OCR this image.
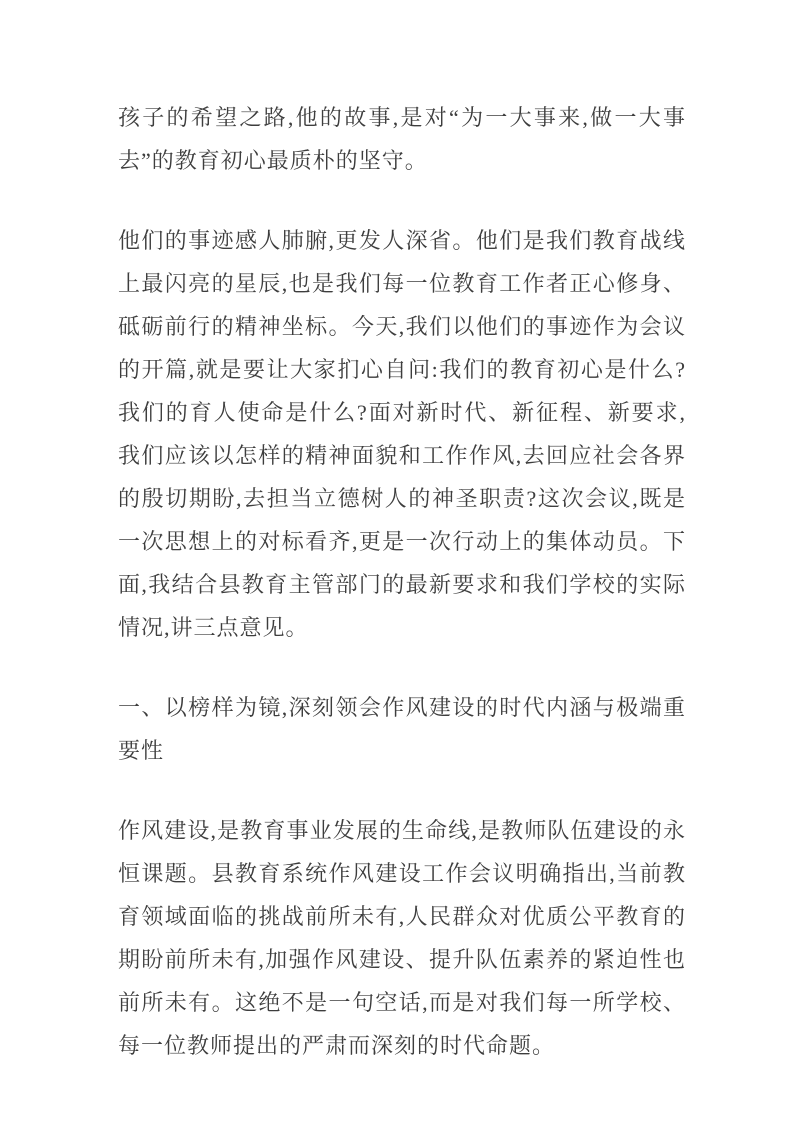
孩子的希望之路,他的故事,是对“为一大事来,做一大事去”的教育初心最质朴的坚守。

他们的事迹感人肺腑,更发人深省。他们是我们教育战线上最闪亮的星辰,也是我们每一位教育工作者正心修身、砥砺前行的精神坐标。今天,我们以他们的事迹作为会议的开篇,就是要让大家扪心自问:我们的教育初心是什么?我们的育人使命是什么?面对新时代、新征程、新要求,我们应该以怎样的精神面貌和工作作风,去回应社会各界的殷切期盼,去担当立德树人的神圣职责?这次会议,既是一次思想上的对标看齐,更是一次行动上的集体动员。下面,我结合县教育主管部门的最新要求和我们学校的实际情况,讲三点意见。

一、以榜样为镜,深刻领会作风建设的时代内涵与极端重要性

作风建设,是教育事业发展的生命线,是教师队伍建设的永恒课题。县教育系统作风建设工作会议明确指出,当前教育领域面临的挑战前所未有,人民群众对优质公平教育的期盼前所未有,加强作风建设、提升队伍素养的紧迫性也前所未有。这绝不是一句空话,而是对我们每一所学校、每一位教师提出的严肃而深刻的时代命题。
